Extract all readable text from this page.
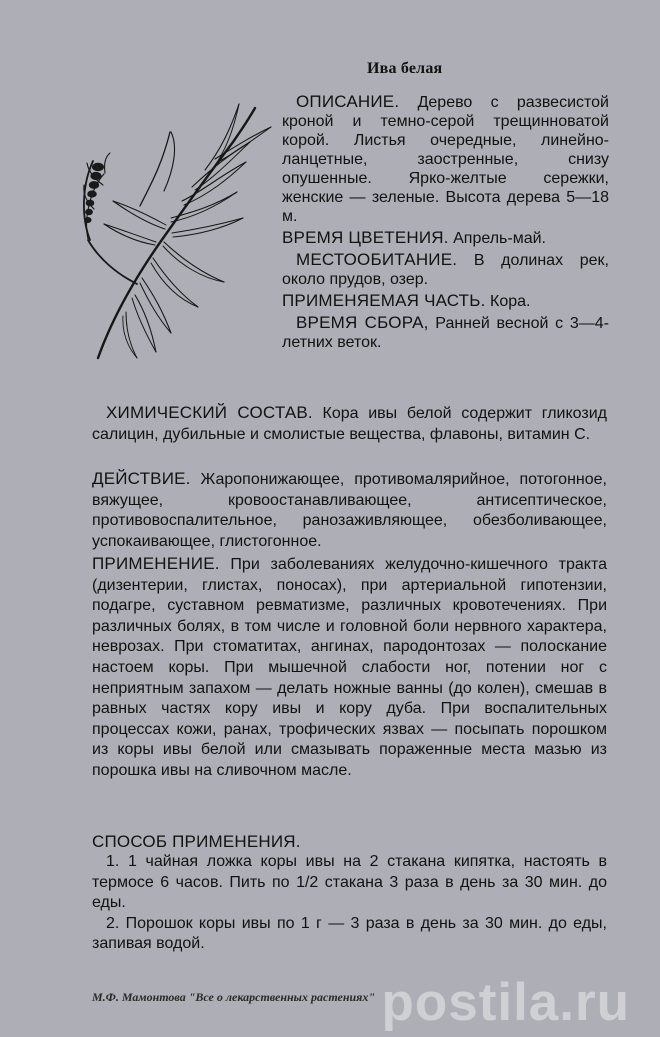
Ива белая

ОПИСАНИЕ. Дерево с развесистой кроной и темно-серой трещинноватой корой. Листья очередные, линейно-ланцетные, заостренные, снизу опушенные. Ярко-желтые сережки, женские — зеленые. Высота дерева 5—18 м.

ВРЕМЯ ЦВЕТЕНИЯ. Апрель-май.

МЕСТООБИТАНИЕ. В долинах рек, около прудов, озер.

ПРИМЕНЯЕМАЯ ЧАСТЬ. Кора.

ВРЕМЯ СБОРА, Ранней весной с 3—4-летних веток.

ХИМИЧЕСКИЙ СОСТАВ. Кора ивы белой содержит гликозид салицин, дубильные и смолистые вещества, флавоны, витамин С.

ДЕЙСТВИЕ. Жаропонижающее, противомалярийное, потогонное, вяжущее, кровоостанавливающее, антисептическое, противовоспалительное, ранозаживляющее, обезболивающее, успокаивающее, глистогонное.

ПРИМЕНЕНИЕ. При заболеваниях желудочно-кишечного тракта (дизентерии, глистах, поносах), при артериальной гипотензии, подагре, суставном ревматизме, различных кровотечениях. При различных болях, в том числе и головной боли нервного характера, неврозах. При стоматитах, ангинах, пародонтозах — полоскание настоем коры. При мышечной слабости ног, потении ног с неприятным запахом — делать ножные ванны (до колен), смешав в равных частях кору ивы и кору дуба. При воспалительных процессах кожи, ранах, трофических язвах — посыпать порошком из коры ивы белой или смазывать пораженные места мазью из порошка ивы на сливочном масле.

СПОСОБ ПРИМЕНЕНИЯ.

1. 1 чайная ложка коры ивы на 2 стакана кипятка, настоять в термосе 6 часов. Пить по 1/2 стакана 3 раза в день за 30 мин. до еды.

2. Порошок коры ивы по 1 г — 3 раза в день за 30 мин. до еды, запивая водой.

М.Ф. Мамонтова "Все о лекарственных растениях" postila.ru
